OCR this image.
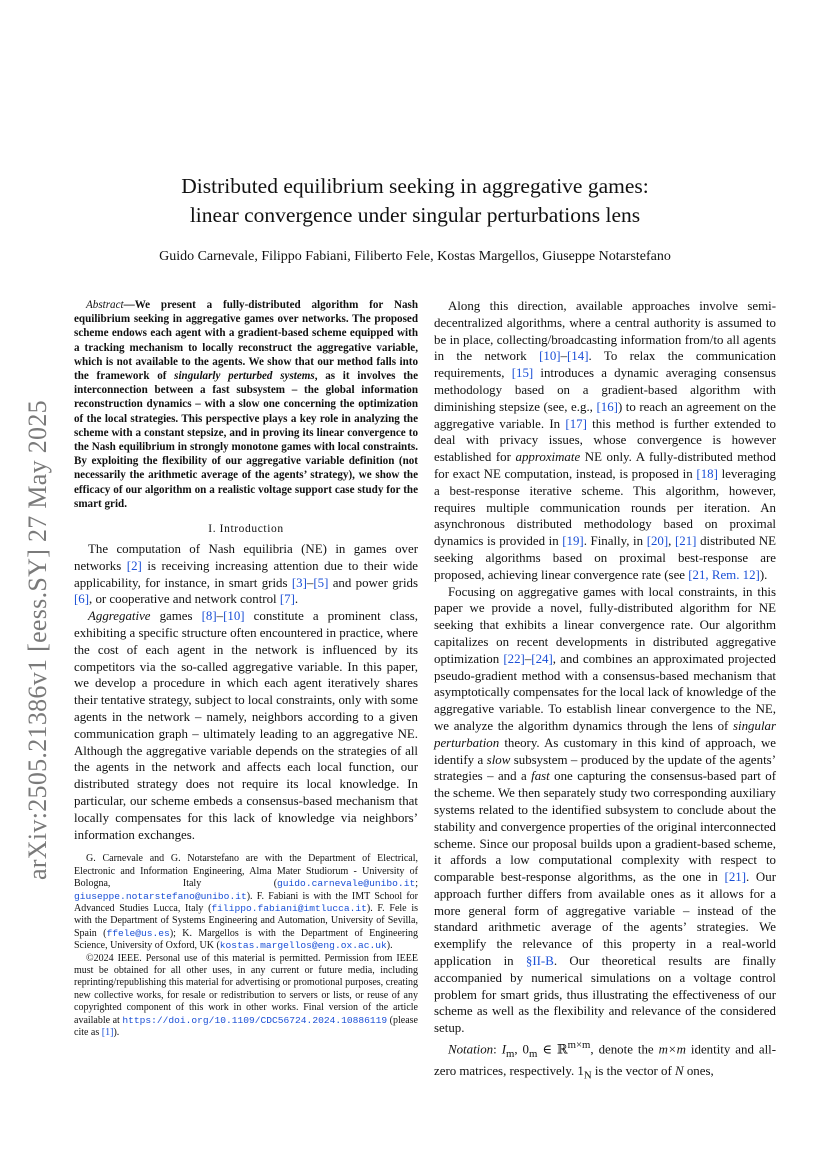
arXiv:2505.21386v1 [eess.SY] 27 May 2025
Distributed equilibrium seeking in aggregative games:
linear convergence under singular perturbations lens
Guido Carnevale, Filippo Fabiani, Filiberto Fele, Kostas Margellos, Giuseppe Notarstefano

Abstract—We present a fully-distributed algorithm for Nash equilibrium seeking in aggregative games over networks. The proposed scheme endows each agent with a gradient-based scheme equipped with a tracking mechanism to locally reconstruct the aggregative variable, which is not available to the agents. We show that our method falls into the framework of singularly perturbed systems, as it involves the interconnection between a fast subsystem – the global information reconstruction dynamics – with a slow one concerning the optimization of the local strategies. This perspective plays a key role in analyzing the scheme with a constant stepsize, and in proving its linear convergence to the Nash equilibrium in strongly monotone games with local constraints. By exploiting the flexibility of our aggregative variable definition (not necessarily the arithmetic average of the agents’ strategy), we show the efficacy of our algorithm on a realistic voltage support case study for the smart grid.

I. Introduction

The computation of Nash equilibria (NE) in games over networks [2] is receiving increasing attention due to their wide applicability, for instance, in smart grids [3]–[5] and power grids [6], or cooperative and network control [7].

Aggregative games [8]–[10] constitute a prominent class, exhibiting a specific structure often encountered in practice, where the cost of each agent in the network is influenced by its competitors via the so-called aggregative variable. In this paper, we develop a procedure in which each agent iteratively shares their tentative strategy, subject to local constraints, only with some agents in the network – namely, neighbors according to a given communication graph – ultimately leading to an aggregative NE. Although the aggregative variable depends on the strategies of all the agents in the network and affects each local function, our distributed strategy does not require its local knowledge. In particular, our scheme embeds a consensus-based mechanism that locally compensates for this lack of knowledge via neighbors’ information exchanges.

G. Carnevale and G. Notarstefano are with the Department of Electrical, Electronic and Information Engineering, Alma Mater Studiorum - University of Bologna, Italy (guido.carnevale@unibo.it; giuseppe.notarstefano@unibo.it). F. Fabiani is with the IMT School for Advanced Studies Lucca, Italy (filippo.fabiani@imtlucca.it). F. Fele is with the Department of Systems Engineering and Automation, University of Sevilla, Spain (ffele@us.es); K. Margellos is with the Department of Engineering Science, University of Oxford, UK (kostas.margellos@eng.ox.ac.uk).

©2024 IEEE. Personal use of this material is permitted. Permission from IEEE must be obtained for all other uses, in any current or future media, including reprinting/republishing this material for advertising or promotional purposes, creating new collective works, for resale or redistribution to servers or lists, or reuse of any copyrighted component of this work in other works. Final version of the article available at https://doi.org/10.1109/CDC56724.2024.10886119 (please cite as [1]).

Along this direction, available approaches involve semi-decentralized algorithms, where a central authority is assumed to be in place, collecting/broadcasting information from/to all agents in the network [10]–[14]. To relax the communication requirements, [15] introduces a dynamic averaging consensus methodology based on a gradient-based algorithm with diminishing stepsize (see, e.g., [16]) to reach an agreement on the aggregative variable. In [17] this method is further extended to deal with privacy issues, whose convergence is however established for approximate NE only. A fully-distributed method for exact NE computation, instead, is proposed in [18] leveraging a best-response iterative scheme. This algorithm, however, requires multiple communication rounds per iteration. An asynchronous distributed methodology based on proximal dynamics is provided in [19]. Finally, in [20], [21] distributed NE seeking algorithms based on proximal best-response are proposed, achieving linear convergence rate (see [21, Rem. 12]).

Focusing on aggregative games with local constraints, in this paper we provide a novel, fully-distributed algorithm for NE seeking that exhibits a linear convergence rate. Our algorithm capitalizes on recent developments in distributed aggregative optimization [22]–[24], and combines an approximated projected pseudo-gradient method with a consensus-based mechanism that asymptotically compensates for the local lack of knowledge of the aggregative variable. To establish linear convergence to the NE, we analyze the algorithm dynamics through the lens of singular perturbation theory. As customary in this kind of approach, we identify a slow subsystem – produced by the update of the agents’ strategies – and a fast one capturing the consensus-based part of the scheme. We then separately study two corresponding auxiliary systems related to the identified subsystem to conclude about the stability and convergence properties of the original interconnected scheme. Since our proposal builds upon a gradient-based scheme, it affords a low computational complexity with respect to comparable best-response algorithms, as the one in [21]. Our approach further differs from available ones as it allows for a more general form of aggregative variable – instead of the standard arithmetic average of the agents’ strategies. We exemplify the relevance of this property in a real-world application in §II-B. Our theoretical results are finally accompanied by numerical simulations on a voltage control problem for smart grids, thus illustrating the effectiveness of our scheme as well as the flexibility and relevance of the considered setup.

Notation: $I_m$, $0_m$ ∈ ℝ$^{m\times m}$, denote the m×m identity and all-zero matrices, respectively. $1_N$ is the vector of N ones,
